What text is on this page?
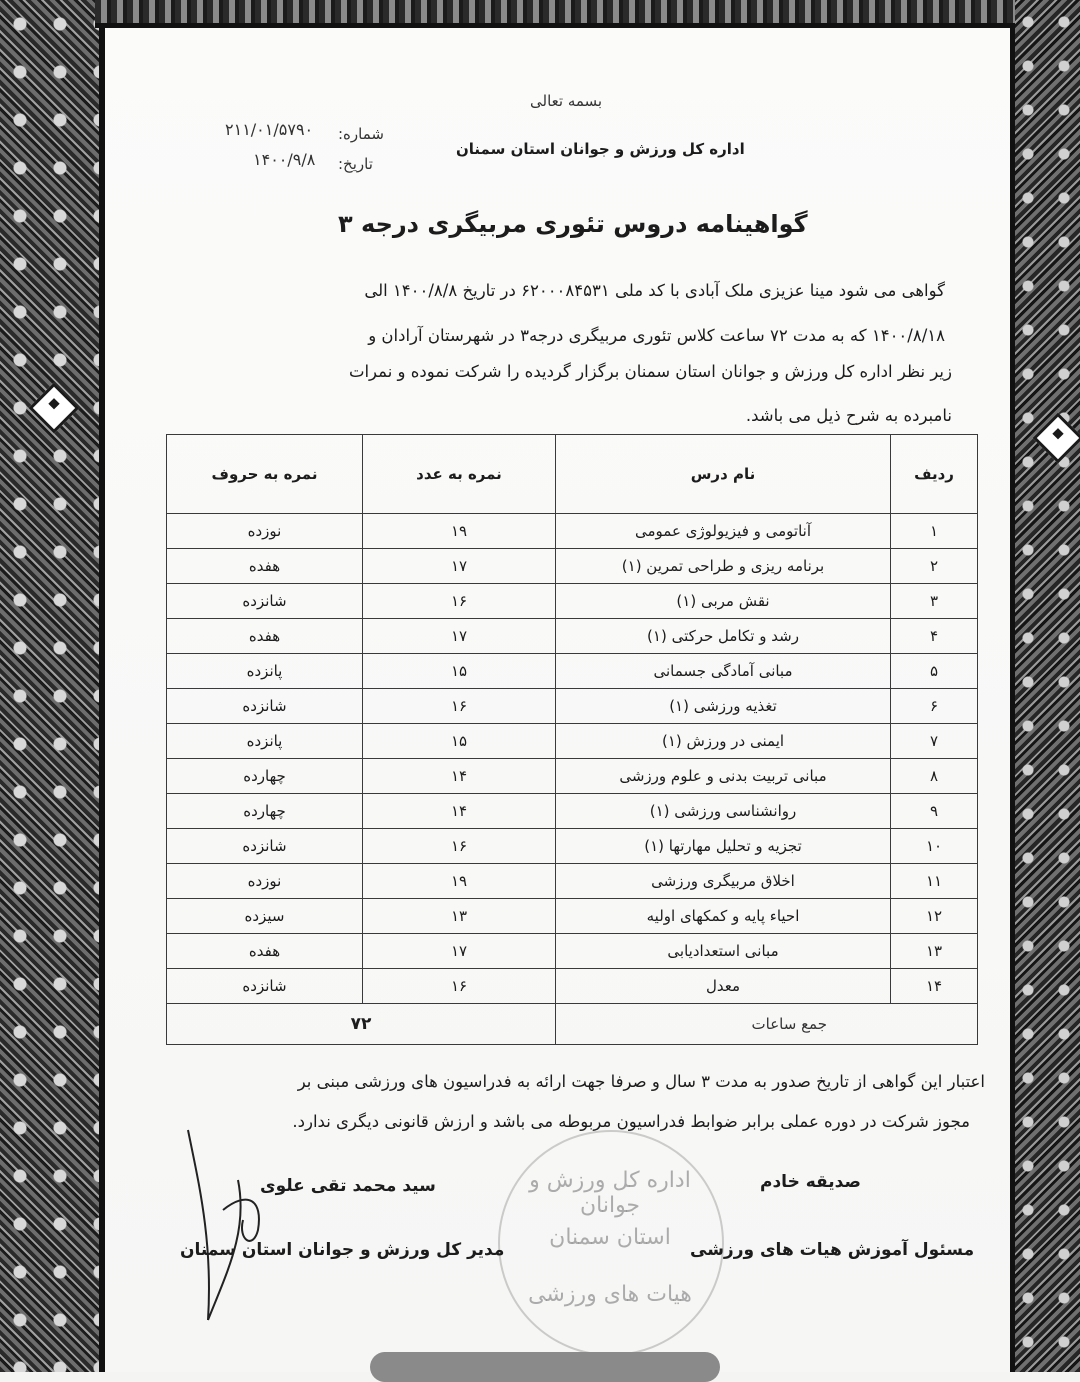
بسمه تعالی
اداره کل ورزش و جوانان استان سمنان
شماره:
۲۱۱/۰۱/۵۷۹۰
تاریخ:
۱۴۰۰/۹/۸
گواهینامه دروس تئوری مربیگری درجه ۳
گواهی می شود مینا عزیزی ملک آبادی با کد ملی ۶۲۰۰۰۸۴۵۳۱ در تاریخ ۱۴۰۰/۸/۸ الی
۱۴۰۰/۸/۱۸ که به مدت ۷۲ ساعت کلاس تئوری مربیگری درجه۳ در شهرستان آرادان و
زیر نظر اداره کل ورزش و جوانان استان سمنان برگزار گردیده را شرکت نموده و نمرات
نامبرده به شرح ذیل می باشد.
ردیف	نام درس	نمره به عدد	نمره به حروف
۱	آناتومی و فیزیولوژی عمومی	۱۹	نوزده
۲	برنامه ریزی و طراحی تمرین (۱)	۱۷	هفده
۳	نقش مربی (۱)	۱۶	شانزده
۴	رشد و تکامل حرکتی (۱)	۱۷	هفده
۵	مبانی آمادگی جسمانی	۱۵	پانزده
۶	تغذیه ورزشی (۱)	۱۶	شانزده
۷	ایمنی در ورزش (۱)	۱۵	پانزده
۸	مبانی تربیت بدنی و علوم ورزشی	۱۴	چهارده
۹	روانشناسی ورزشی (۱)	۱۴	چهارده
۱۰	تجزیه و تحلیل مهارتها (۱)	۱۶	شانزده
۱۱	اخلاق مربیگری ورزشی	۱۹	نوزده
۱۲	احیاء پایه و کمکهای اولیه	۱۳	سیزده
۱۳	مبانی استعدادیابی	۱۷	هفده
۱۴	معدل	۱۶	شانزده
جمع ساعات		۷۲	
اعتبار این گواهی از تاریخ صدور به مدت ۳ سال و صرفا جهت ارائه به فدراسیون های ورزشی مبنی بر
مجوز شرکت در دوره عملی برابر ضوابط فدراسیون مربوطه می باشد و ارزش قانونی دیگری ندارد.
اداره کل ورزش و جوانان
استان سمنان
هیات های ورزشی
سید محمد تقی علوی
مدیر کل ورزش و جوانان استان سمنان
صدیقه خادم
مسئول آموزش هیات های ورزشی
